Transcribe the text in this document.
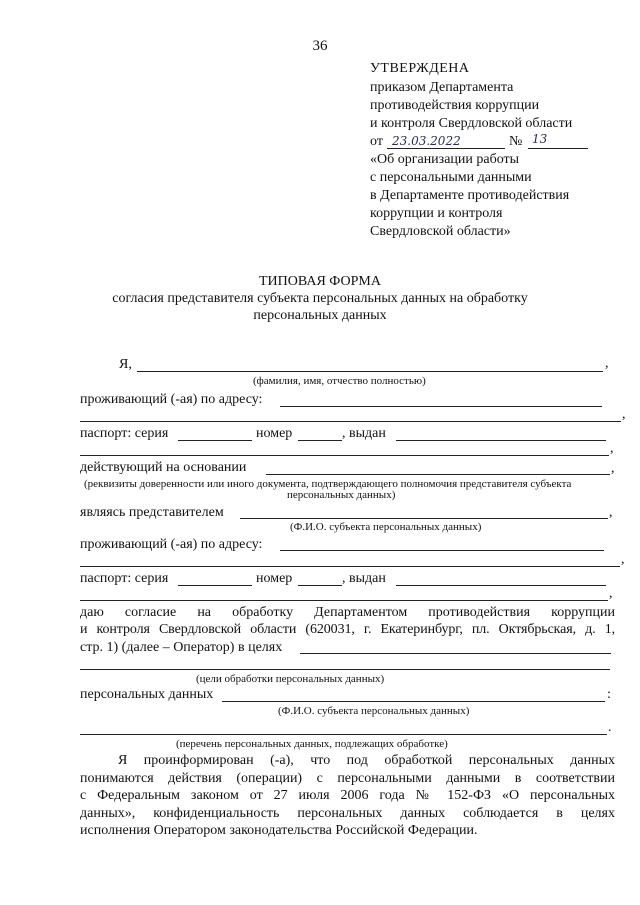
36
УТВЕРЖДЕНА
приказом Департамента
противодействия коррупции
и контроля Свердловской области
от 23.03.2022	№ 13
«Об организации работы
с персональными данными
в Департаменте противодействия
коррупции и контроля
Свердловской области»
ТИПОВАЯ ФОРМА
согласия представителя субъекта персональных данных на обработку
персональных данных
Я,	,
(фамилия, имя, отчество полностью)
проживающий (-ая) по адресу:
,
паспорт: серия	номер	, выдан
,
действующий на основании	,
(реквизиты доверенности или иного документа, подтверждающего полномочия представителя субъекта
персональных данных)
являясь представителем	,
(Ф.И.О. субъекта персональных данных)
проживающий (-ая) по адресу:
,
паспорт: серия	номер	, выдан
,
даю согласие на обработку Департаментом противодействия коррупции
и контроля Свердловской области (620031, г. Екатеринбург, пл. Октябрьская, д. 1,
стр. 1) (далее – Оператор) в целях
(цели обработки персональных данных)
персональных данных	:
(Ф.И.О. субъекта персональных данных)
.
(перечень персональных данных, подлежащих обработке)
Я проинформирован (-а), что под обработкой персональных данных
понимаются действия (операции) с персональными данными в соответствии
с Федеральным законом от 27 июля 2006 года № 152-ФЗ «О персональных
данных», конфиденциальность персональных данных соблюдается в целях
исполнения Оператором законодательства Российской Федерации.
